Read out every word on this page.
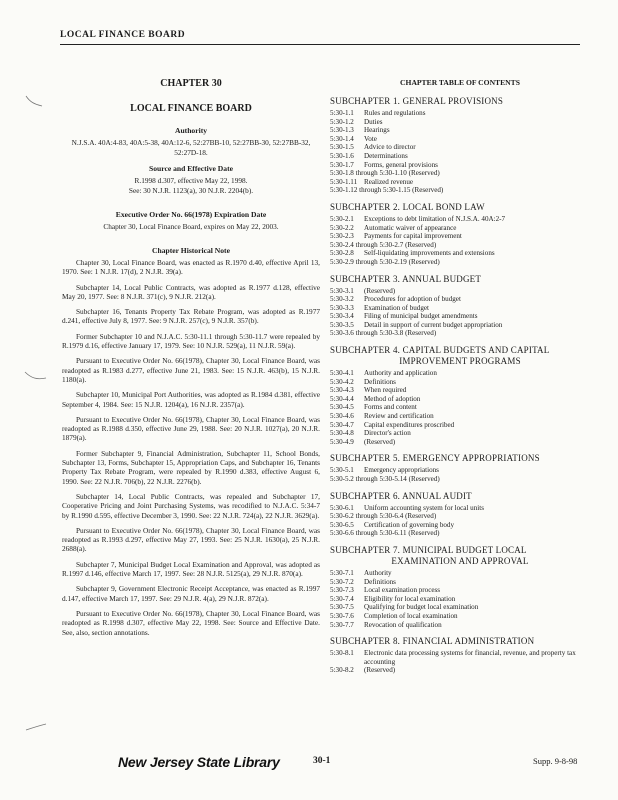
LOCAL FINANCE BOARD
CHAPTER 30
LOCAL FINANCE BOARD
Authority
N.J.S.A. 40A:4-83, 40A:5-38, 40A:12-6, 52:27BB-10, 52:27BB-30, 52:27BB-32, 52:27D-18.
Source and Effective Date
R.1998 d.307, effective May 22, 1998.
See: 30 N.J.R. 1123(a), 30 N.J.R. 2204(b).
Executive Order No. 66(1978) Expiration Date
Chapter 30, Local Finance Board, expires on May 22, 2003.
Chapter Historical Note

Chapter 30, Local Finance Board, was enacted as R.1970 d.40, effective April 13, 1970. See: 1 N.J.R. 17(d), 2 N.J.R. 39(a).

Subchapter 14, Local Public Contracts, was adopted as R.1977 d.128, effective May 20, 1977. See: 8 N.J.R. 371(c), 9 N.J.R. 212(a).

Subchapter 16, Tenants Property Tax Rebate Program, was adopted as R.1977 d.241, effective July 8, 1977. See: 9 N.J.R. 257(c), 9 N.J.R. 357(b).

Former Subchapter 10 and N.J.A.C. 5:30-11.1 through 5:30-11.7 were repealed by R.1979 d.16, effective January 17, 1979. See: 10 N.J.R. 529(a), 11 N.J.R. 59(a).

Pursuant to Executive Order No. 66(1978), Chapter 30, Local Finance Board, was readopted as R.1983 d.277, effective June 21, 1983. See: 15 N.J.R. 463(b), 15 N.J.R. 1180(a).

Subchapter 10, Municipal Port Authorities, was adopted as R.1984 d.381, effective September 4, 1984. See: 15 N.J.R. 1204(a), 16 N.J.R. 2357(a).

Pursuant to Executive Order No. 66(1978), Chapter 30, Local Finance Board, was readopted as R.1988 d.350, effective June 29, 1988. See: 20 N.J.R. 1027(a), 20 N.J.R. 1879(a).

Former Subchapter 9, Financial Administration, Subchapter 11, School Bonds, Subchapter 13, Forms, Subchapter 15, Appropriation Caps, and Subchapter 16, Tenants Property Tax Rebate Program, were repealed by R.1990 d.383, effective August 6, 1990. See: 22 N.J.R. 706(b), 22 N.J.R. 2276(b).

Subchapter 14, Local Public Contracts, was repealed and Subchapter 17, Cooperative Pricing and Joint Purchasing Systems, was recodified to N.J.A.C. 5:34-7 by R.1990 d.595, effective December 3, 1990. See: 22 N.J.R. 724(a), 22 N.J.R. 3629(a).

Pursuant to Executive Order No. 66(1978), Chapter 30, Local Finance Board, was readopted as R.1993 d.297, effective May 27, 1993. See: 25 N.J.R. 1630(a), 25 N.J.R. 2688(a).

Subchapter 7, Municipal Budget Local Examination and Approval, was adopted as R.1997 d.146, effective March 17, 1997. See: 28 N.J.R. 5125(a), 29 N.J.R. 870(a).

Subchapter 9, Government Electronic Receipt Acceptance, was enacted as R.1997 d.147, effective March 17, 1997. See: 29 N.J.R. 4(a), 29 N.J.R. 872(a).

Pursuant to Executive Order No. 66(1978), Chapter 30, Local Finance Board, was readopted as R.1998 d.307, effective May 22, 1998. See: Source and Effective Date. See, also, section annotations.

CHAPTER TABLE OF CONTENTS
SUBCHAPTER 1. GENERAL PROVISIONS
5:30-1.1	Rules and regulations
5:30-1.2	Duties
5:30-1.3	Hearings
5:30-1.4	Vote
5:30-1.5	Advice to director
5:30-1.6	Determinations
5:30-1.7	Forms, general provisions
5:30-1.8 through 5:30-1.10 (Reserved)
5:30-1.11 Realized revenue
5:30-1.12 through 5:30-1.15 (Reserved)
SUBCHAPTER 2. LOCAL BOND LAW
5:30-2.1	Exceptions to debt limitation of N.J.S.A. 40A:2-7
5:30-2.2	Automatic waiver of appearance
5:30-2.3	Payments for capital improvement
5:30-2.4 through 5:30-2.7 (Reserved)
5:30-2.8	Self-liquidating improvements and extensions
5:30-2.9 through 5:30-2.19 (Reserved)
SUBCHAPTER 3. ANNUAL BUDGET
5:30-3.1	(Reserved)
5:30-3.2	Procedures for adoption of budget
5:30-3.3	Examination of budget
5:30-3.4	Filing of municipal budget amendments
5:30-3.5	Detail in support of current budget appropriation
5:30-3.6 through 5:30-3.8 (Reserved)
SUBCHAPTER 4. CAPITAL BUDGETS AND CAPITAL
IMPROVEMENT PROGRAMS
5:30-4.1	Authority and application
5:30-4.2	Definitions
5:30-4.3	When required
5:30-4.4	Method of adoption
5:30-4.5	Forms and content
5:30-4.6	Review and certification
5:30-4.7	Capital expenditures proscribed
5:30-4.8	Director's action
5:30-4.9	(Reserved)
SUBCHAPTER 5. EMERGENCY APPROPRIATIONS
5:30-5.1	Emergency appropriations
5:30-5.2 through 5:30-5.14 (Reserved)
SUBCHAPTER 6. ANNUAL AUDIT
5:30-6.1	Uniform accounting system for local units
5:30-6.2 through 5:30-6.4 (Reserved)
5:30-6.5	Certification of governing body
5:30-6.6 through 5:30-6.11 (Reserved)
SUBCHAPTER 7. MUNICIPAL BUDGET LOCAL
EXAMINATION AND APPROVAL
5:30-7.1	Authority
5:30-7.2	Definitions
5:30-7.3	Local examination process
5:30-7.4	Eligibility for local examination
5:30-7.5	Qualifying for budget local examination
5:30-7.6	Completion of local examination
5:30-7.7	Revocation of qualification
SUBCHAPTER 8. FINANCIAL ADMINISTRATION
5:30-8.1	Electronic data processing systems for financial, revenue, and property tax accounting
5:30-8.2	(Reserved)
New Jersey State Library	30-1	Supp. 9-8-98
